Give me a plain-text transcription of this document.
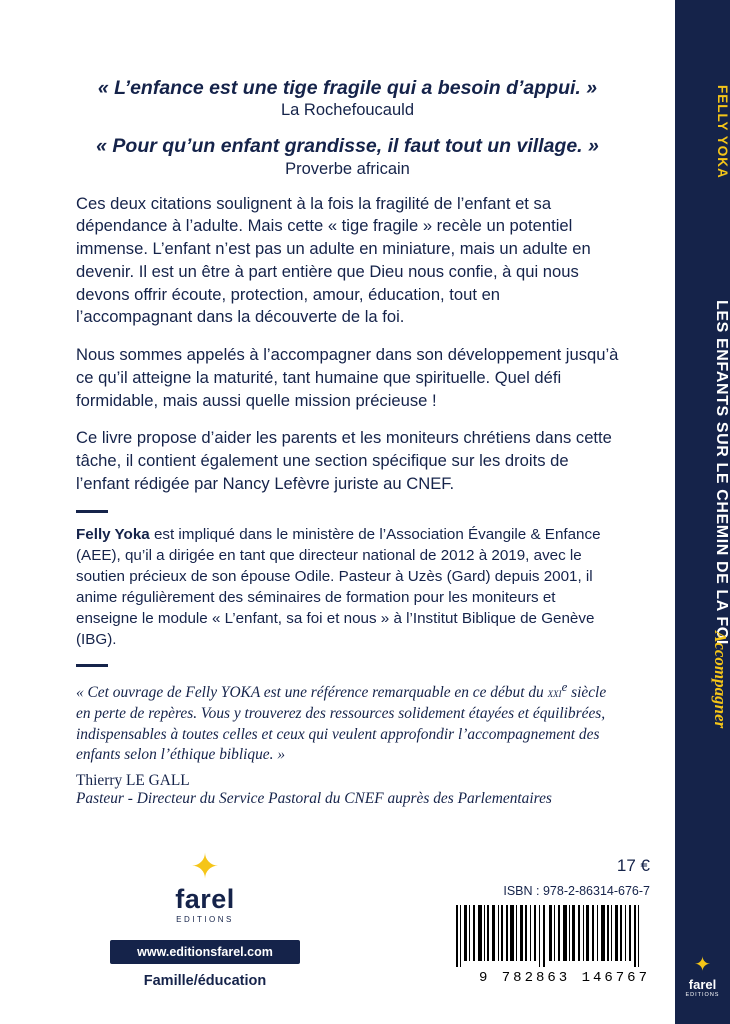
« L’enfance est une tige fragile qui a besoin d’appui. »
La Rochefoucauld
« Pour qu’un enfant grandisse, il faut tout un village. »
Proverbe africain

Ces deux citations soulignent à la fois la fragilité de l’enfant et sa dépendance à l’adulte. Mais cette « tige fragile » recèle un potentiel immense. L’enfant n’est pas un adulte en miniature, mais un adulte en devenir. Il est un être à part entière que Dieu nous confie, à qui nous devons offrir écoute, protection, amour, éducation, tout en l’accompagnant dans la découverte de la foi.

Nous sommes appelés à l’accompagner dans son développement jusqu’à ce qu’il atteigne la maturité, tant humaine que spirituelle. Quel défi formidable, mais aussi quelle mission précieuse !

Ce livre propose d’aider les parents et les moniteurs chrétiens dans cette tâche, il contient également une section spécifique sur les droits de l’enfant rédigée par Nancy Lefèvre juriste au CNEF.

Felly Yoka est impliqué dans le ministère de l’Association Évangile & Enfance (AEE), qu’il a dirigée en tant que directeur national de 2012 à 2019, avec le soutien précieux de son épouse Odile. Pasteur à Uzès (Gard) depuis 2001, il anime régulièrement des séminaires de formation pour les moniteurs et enseigne le module « L’enfant, sa foi et nous » à l’Institut Biblique de Genève (IBG).

« Cet ouvrage de Felly YOKA est une référence remarquable en ce début du xxi$^e$ siècle en perte de repères. Vous y trouverez des ressources solidement étayées et équilibrées, indispensables à toutes celles et ceux qui veulent approfondir l’accompagnement des enfants selon l’éthique biblique. »

Thierry LE GALL
Pasteur - Directeur du Service Pastoral du CNEF auprès des Parlementaires
✦
farel
EDITIONS
www.editionsfarel.com
Famille/éducation
17 €
ISBN : 978-2-86314-676-7
9 782863 146767
FELLY YOKA
LES ENFANTS SUR LE CHEMIN DE LA FOI
Accompagner
✦
farel
EDITIONS
